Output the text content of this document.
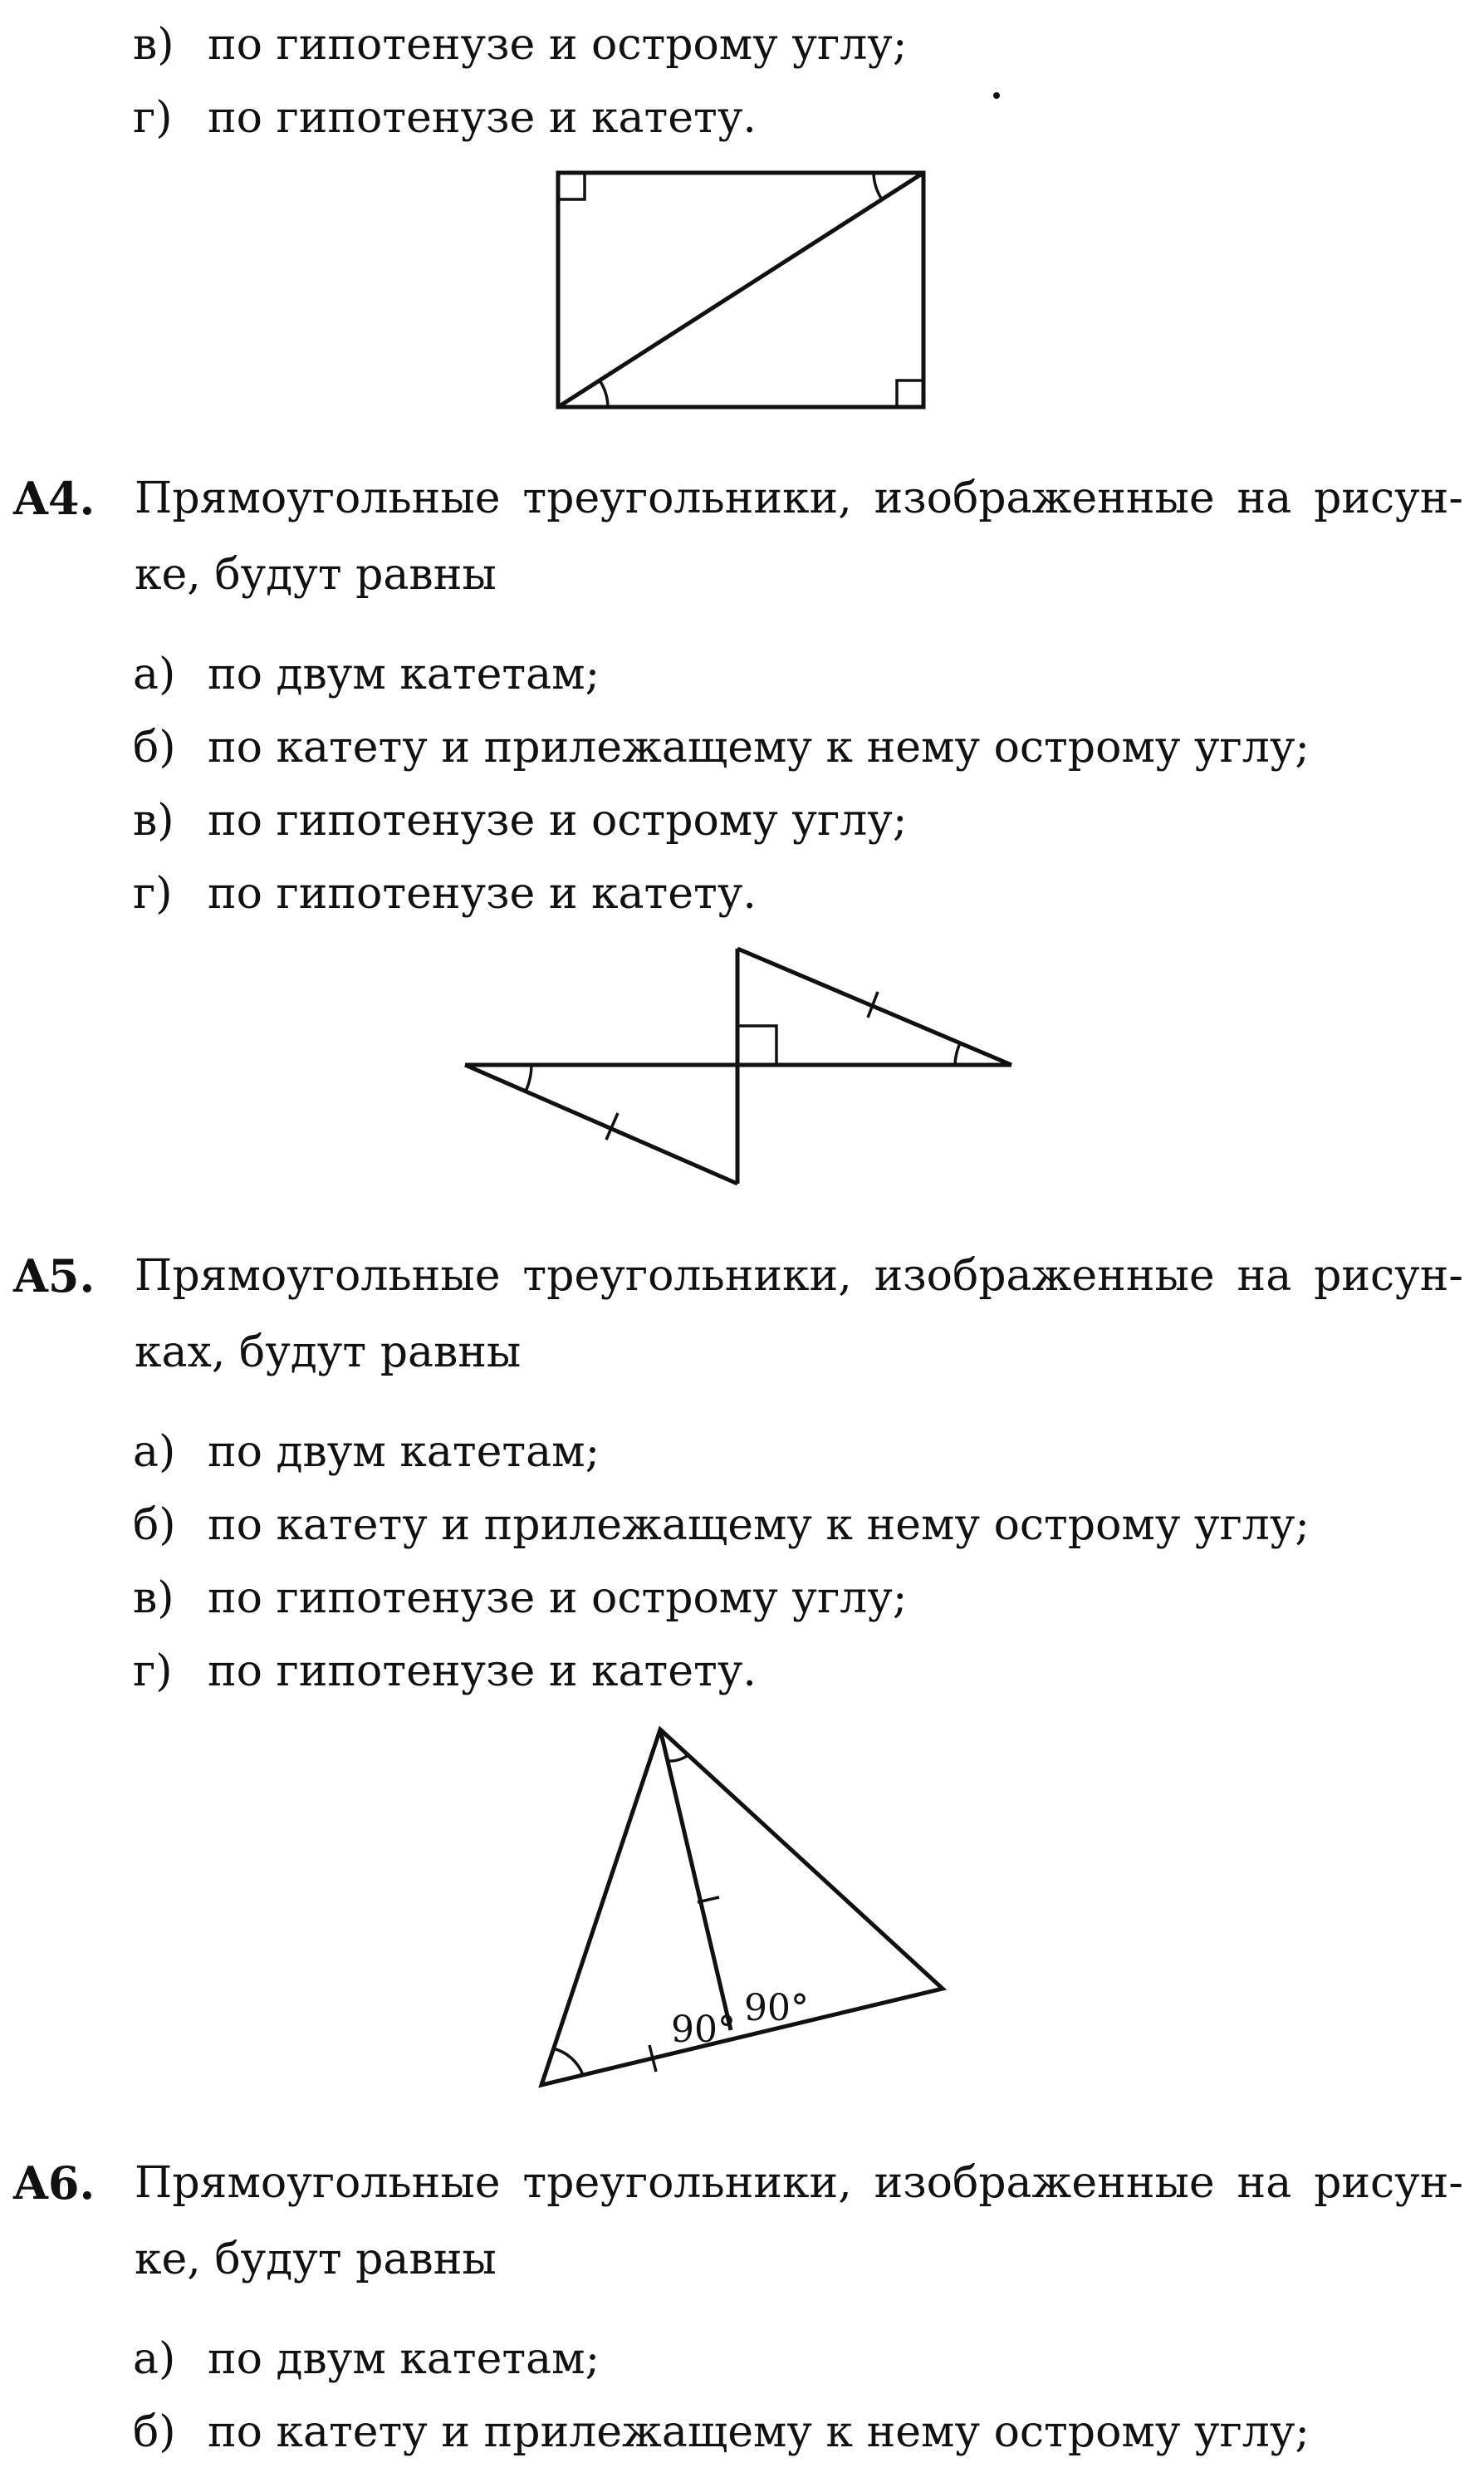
в) по гипотенузе и острому углу;
г) по гипотенузе и катету.
A4. Прямоугольные треугольники, изображенные на рисун-
ке, будут равны
а) по двум катетам;
б) по катету и прилежащему к нему острому углу;
в) по гипотенузе и острому углу;
г) по гипотенузе и катету.
A5. Прямоугольные треугольники, изображенные на рисун-
ках, будут равны
а) по двум катетам;
б) по катету и прилежащему к нему острому углу;
в) по гипотенузе и острому углу;
г) по гипотенузе и катету.
90°
90°
A6. Прямоугольные треугольники, изображенные на рисун-
ке, будут равны
а) по двум катетам;
б) по катету и прилежащему к нему острому углу;
